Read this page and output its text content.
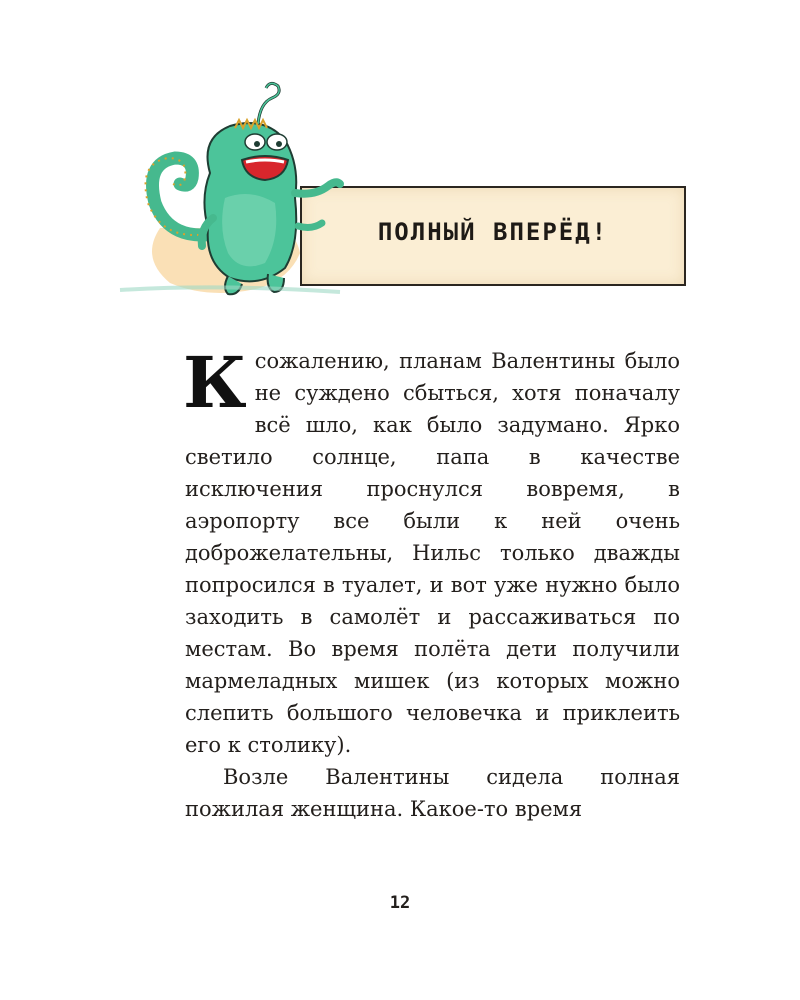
ПОЛНЫЙ ВПЕРЁД!

Ксожалению, планам Валентины было не суждено сбыться, хотя поначалу всё шло, как было задумано. Ярко светило солнце, папа в качестве исключения проснулся вовремя, в аэропорту все были к ней очень доброжелательны, Нильс только дважды попросился в туалет, и вот уже нужно было заходить в самолёт и рассаживаться по местам. Во время полёта дети получили мармеладных мишек (из которых можно слепить большого человечка и приклеить его к столику).

Возле Валентины сидела полная пожилая женщина. Какое-то время

12
